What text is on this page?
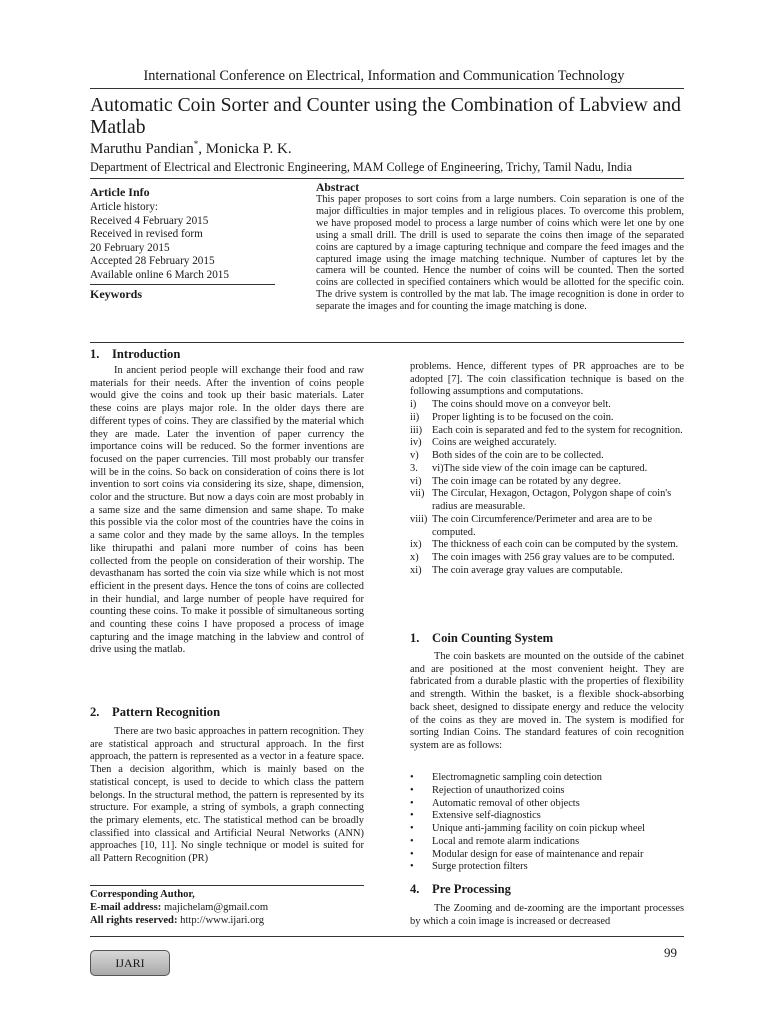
International Conference on Electrical, Information and Communication Technology
Automatic Coin Sorter and Counter using the Combination of Labview and Matlab
Maruthu Pandian*, Monicka P. K.
Department of Electrical and Electronic Engineering, MAM College of Engineering, Trichy, Tamil Nadu, India
Article Info
Article history:
Received 4 February 2015
Received in revised form
20 February 2015
Accepted 28 February 2015
Available online 6 March 2015
Keywords
Abstract
This paper proposes to sort coins from a large numbers. Coin separation is one of the major difficulties in major temples and in religious places. To overcome this problem, we have proposed model to process a large number of coins which were let one by one using a small drill. The drill is used to separate the coins then image of the separated coins are captured by a image capturing technique and compare the feed images and the captured image using the image matching technique. Number of captures let by the camera will be counted. Hence the number of coins will be counted. Then the sorted coins are collected in specified containers which would be allotted for the specific coin. The drive system is controlled by the mat lab. The image recognition is done in order to separate the images and for counting the image matching is done.
1. Introduction
In ancient period people will exchange their food and raw materials for their needs. After the invention of coins people would give the coins and took up their basic materials. Later these coins are plays major role. In the older days there are different types of coins. They are classified by the material which they are made. Later the invention of paper currency the importance coins will be reduced. So the former inventions are focused on the paper currencies. Till most probably our transfer will be in the coins. So back on consideration of coins there is lot invention to sort coins via considering its size, shape, dimension, color and the structure. But now a days coin are most probably in a same size and the same dimension and same shape. To make this possible via the color most of the countries have the coins in a same color and they made by the same alloys. In the temples like thirupathi and palani more number of coins has been collected from the people on consideration of their worship. The devasthanam has sorted the coin via size while which is not most efficient in the present days. Hence the tons of coins are collected in their hundial, and large number of people have required for counting these coins. To make it possible of simultaneous sorting and counting these coins I have proposed a process of image capturing and the image matching in the labview and control of drive using the matlab.
2. Pattern Recognition
There are two basic approaches in pattern recognition. They are statistical approach and structural approach. In the first approach, the pattern is represented as a vector in a feature space. Then a decision algorithm, which is mainly based on the statistical concept, is used to decide to which class the pattern belongs. In the structural method, the pattern is represented by its structure. For example, a string of symbols, a graph connecting the primary elements, etc. The statistical method can be broadly classified into classical and Artificial Neural Networks (ANN) approaches [10, 11]. No single technique or model is suited for all Pattern Recognition (PR)
Corresponding Author,
E-mail address: majichelam@gmail.com
All rights reserved: http://www.ijari.org
problems. Hence, different types of PR approaches are to be adopted [7]. The coin classification technique is based on the following assumptions and computations.
i)	The coins should move on a conveyor belt.
ii)	Proper lighting is to be focused on the coin.
iii) Each coin is separated and fed to the system for recognition.
iv)	Coins are weighed accurately.
v)	Both sides of the coin are to be collected.
3.	vi)The side view of the coin image can be captured.
vi)	The coin image can be rotated by any degree.
vii) The Circular, Hexagon, Octagon, Polygon shape of coin's radius are measurable.
viii) The coin Circumference/Perimeter and area are to be computed.
ix)	The thickness of each coin can be computed by the system.
x)	The coin images with 256 gray values are to be computed.
xi)	The coin average gray values are computable.
1. Coin Counting System
The coin baskets are mounted on the outside of the cabinet and are positioned at the most convenient height. They are fabricated from a durable plastic with the properties of flexibility and strength. Within the basket, is a flexible shock-absorbing back sheet, designed to dissipate energy and reduce the velocity of the coins as they are moved in. The system is modified for sorting Indian Coins. The standard features of coin recognition system are as follows:
•	Electromagnetic sampling coin detection
•	Rejection of unauthorized coins
•	Automatic removal of other objects
•	Extensive self-diagnostics
•	Unique anti-jamming facility on coin pickup wheel
•	Local and remote alarm indications
•	Modular design for ease of maintenance and repair
•	Surge protection filters
4. Pre Processing
The Zooming and de-zooming are the important processes by which a coin image is increased or decreased
IJARI
99
